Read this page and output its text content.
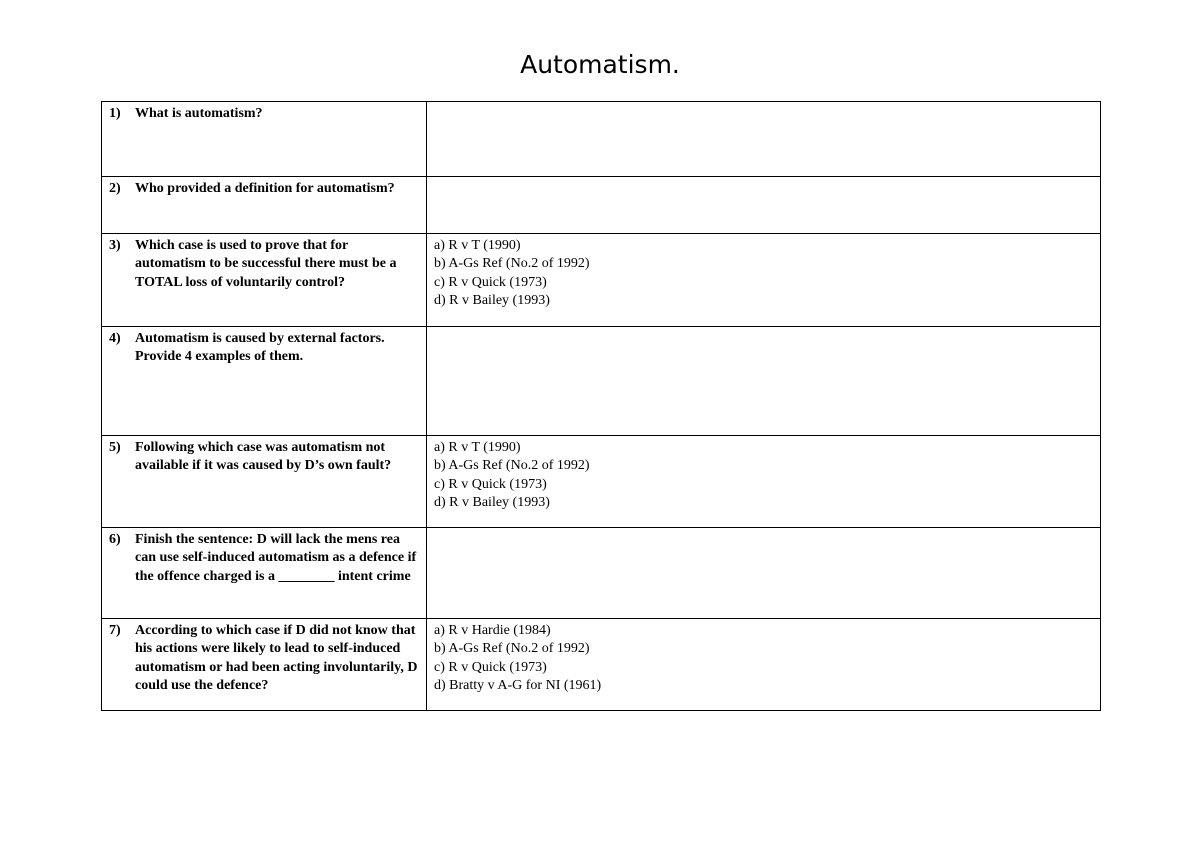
Automatism.
1) What is automatism?	

2) Who provided a definition for automatism?	

3) Which case is used to prove that for automatism to be successful there must be a TOTAL loss of voluntarily control?	a) R v T (1990)
b) A-Gs Ref (No.2 of 1992)
c) R v Quick (1973)
d) R v Bailey (1993)

4) Automatism is caused by external factors. Provide 4 examples of them.	

5) Following which case was automatism not available if it was caused by D’s own fault?	a) R v T (1990)
b) A-Gs Ref (No.2 of 1992)
c) R v Quick (1973)
d) R v Bailey (1993)

6) Finish the sentence: D will lack the mens rea can use self-induced automatism as a defence if the offence charged is a ________ intent crime	

7) According to which case if D did not know that his actions were likely to lead to self-induced automatism or had been acting involuntarily, D could use the defence?	a) R v Hardie (1984)
b) A-Gs Ref (No.2 of 1992)
c) R v Quick (1973)
d) Bratty v A-G for NI (1961)
